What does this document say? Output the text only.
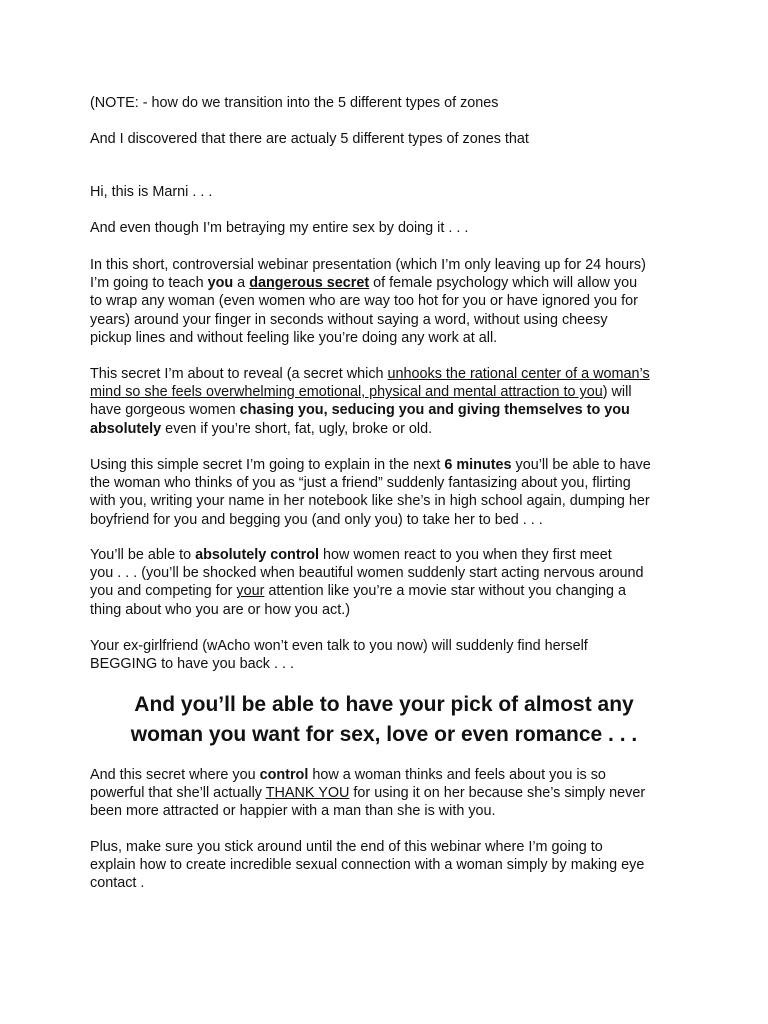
(NOTE: - how do we transition into the 5 different types of zones

And I discovered that there are actualy 5 different types of zones that

Hi, this is Marni . . .

And even though I’m betraying my entire sex by doing it . . .

In this short, controversial webinar presentation (which I’m only leaving up for 24 hours)
I’m going to teach you a dangerous secret of female psychology which will allow you
to wrap any woman (even women who are way too hot for you or have ignored you for
years) around your finger in seconds without saying a word, without using cheesy
pickup lines and without feeling like you’re doing any work at all.

This secret I’m about to reveal (a secret which unhooks the rational center of a woman’s
mind so she feels overwhelming emotional, physical and mental attraction to you) will
have gorgeous women chasing you, seducing you and giving themselves to you
absolutely even if you’re short, fat, ugly, broke or old.

Using this simple secret I’m going to explain in the next 6 minutes you’ll be able to have
the woman who thinks of you as “just a friend” suddenly fantasizing about you, flirting
with you, writing your name in her notebook like she’s in high school again, dumping her
boyfriend for you and begging you (and only you) to take her to bed . . .

You’ll be able to absolutely control how women react to you when they first meet
you . . . (you’ll be shocked when beautiful women suddenly start acting nervous around
you and competing for your attention like you’re a movie star without you changing a
thing about who you are or how you act.)

Your ex-girlfriend (wAcho won’t even talk to you now) will suddenly find herself
BEGGING to have you back . . .

And you’ll be able to have your pick of almost any
woman you want for sex, love or even romance . . .

And this secret where you control how a woman thinks and feels about you is so
powerful that she’ll actually THANK YOU for using it on her because she’s simply never
been more attracted or happier with a man than she is with you.

Plus, make sure you stick around until the end of this webinar where I’m going to
explain how to create incredible sexual connection with a woman simply by making eye
contact .
